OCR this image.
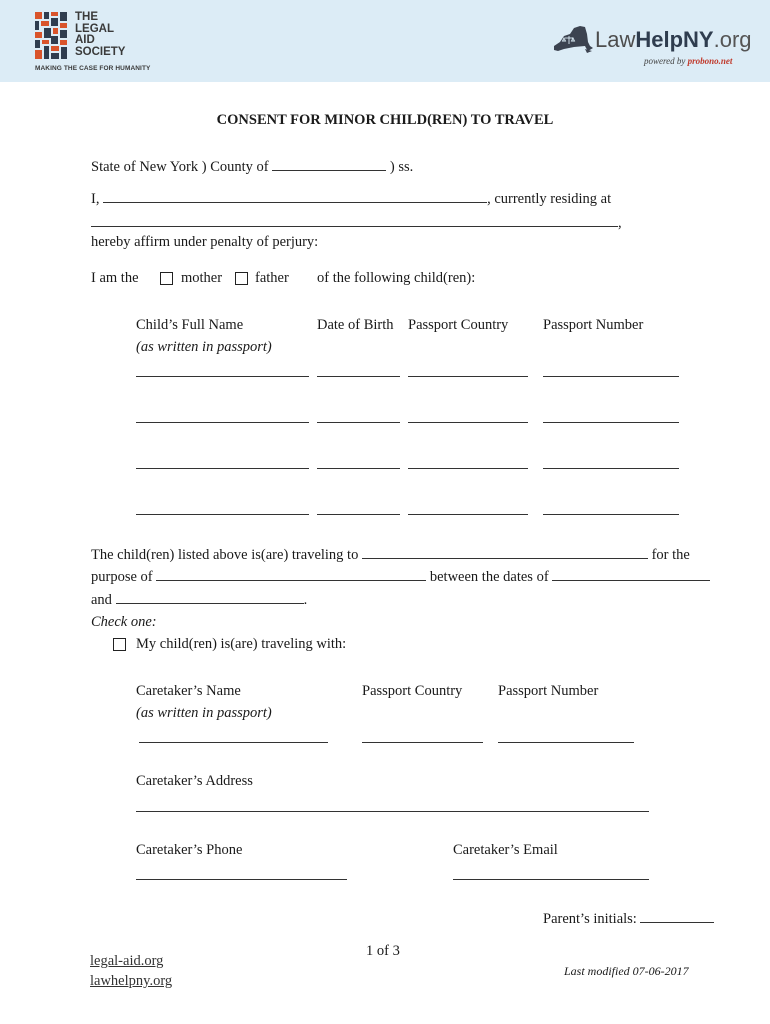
THE
LEGAL
AID
SOCIETY
MAKING THE CASE FOR HUMANITY
LawHelpNY.org
powered by probono.net
CONSENT FOR MINOR CHILD(REN) TO TRAVEL
State of New York ) County of	) ss.
I,	, currently residing at
,
hereby affirm under penalty of perjury:
I am the	mother father of the following child(ren):
Child’s Full Name	Date of Birth Passport Country Passport Number
(as written in passport)
The child(ren) listed above is(are) traveling to	for the
purpose of	between the dates of
and	.
Check one:
My child(ren) is(are) traveling with:
Caretaker’s Name	Passport Country Passport Number
(as written in passport)
Caretaker’s Address
Caretaker’s Phone	Caretaker’s Email
Parent’s initials:
1 of 3
legal-aid.org
lawhelpny.org
Last modified 07-06-2017
